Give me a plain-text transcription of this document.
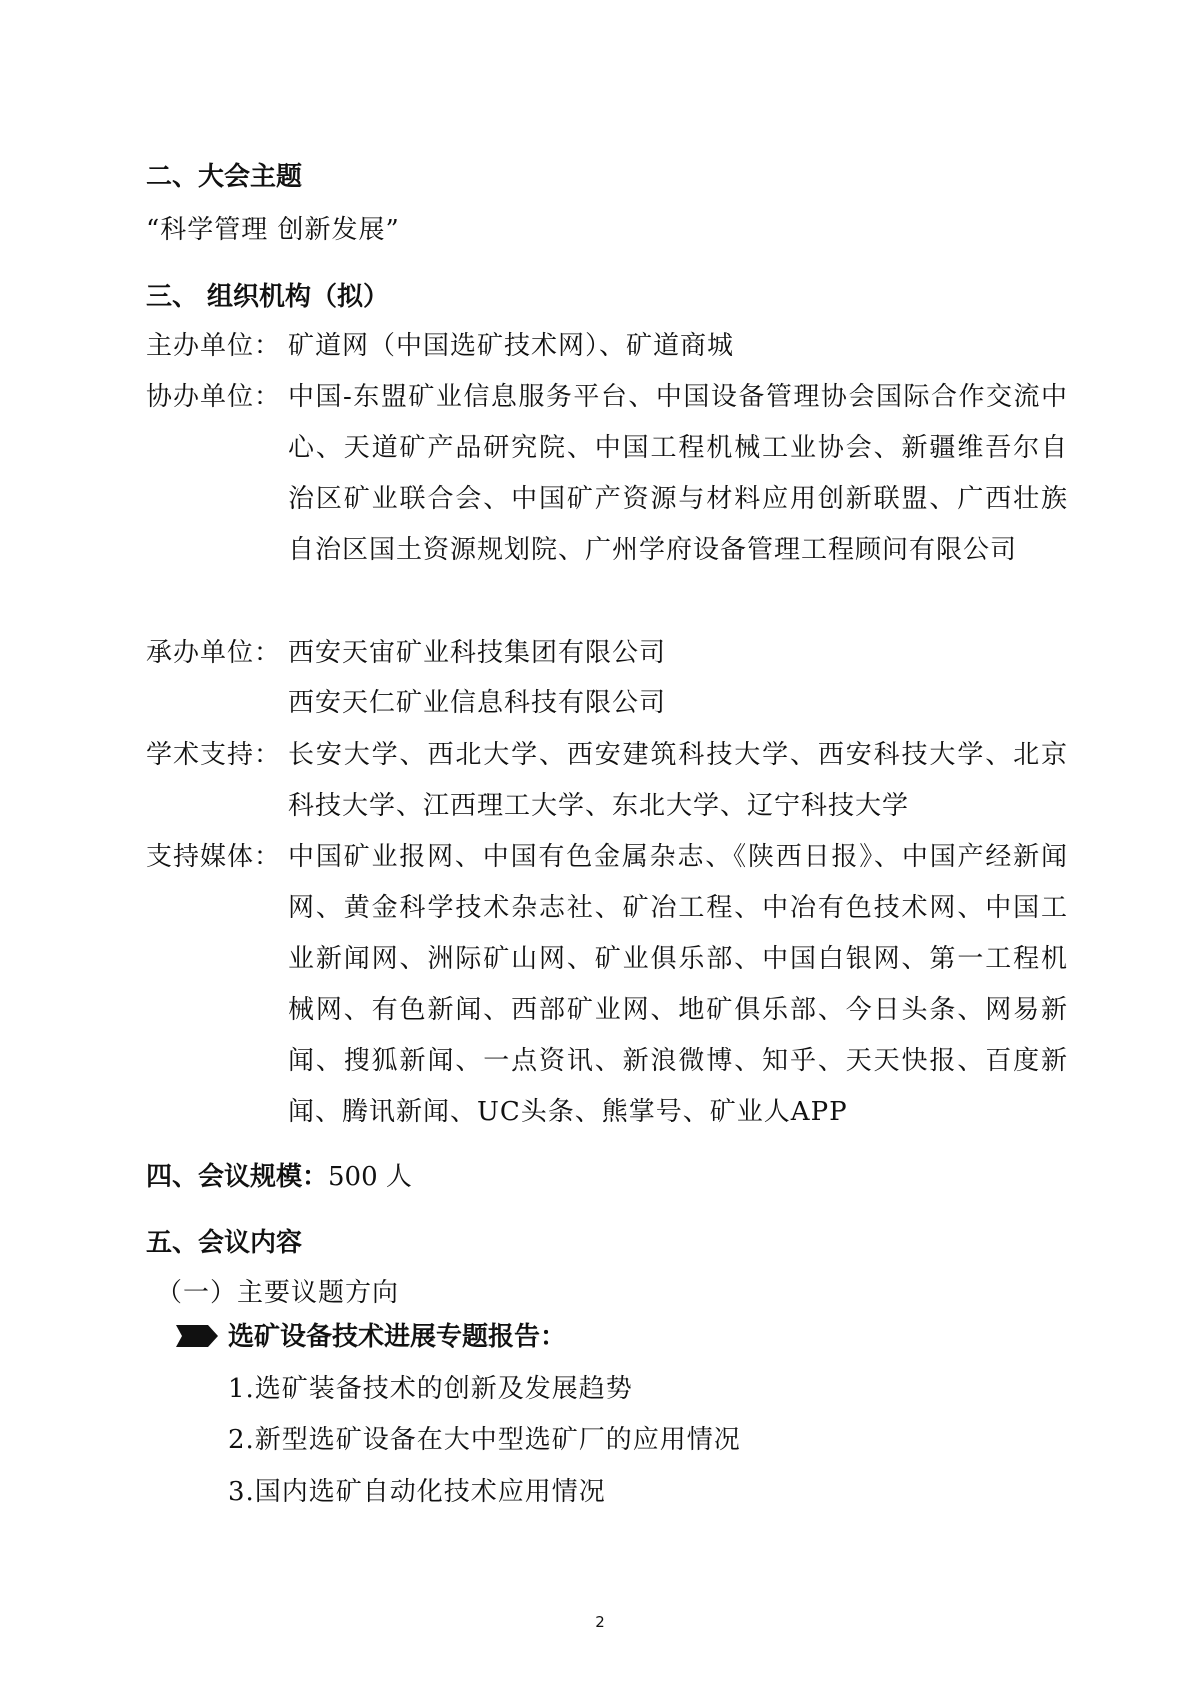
二、大会主题
“科学管理 创新发展”
三、 组织机构（拟）
主办单位： 矿道网（中国选矿技术网）、矿道商城
协办单位： 中国-东盟矿业信息服务平台、中国设备管理协会国际合作交流中心、天道矿产品研究院、中国工程机械工业协会、新疆维吾尔自治区矿业联合会、中国矿产资源与材料应用创新联盟、广西壮族自治区国土资源规划院、广州学府设备管理工程顾问有限公司
承办单位： 西安天宙矿业科技集团有限公司
西安天仁矿业信息科技有限公司
学术支持： 长安大学、西北大学、西安建筑科技大学、西安科技大学、北京科技大学、江西理工大学、东北大学、辽宁科技大学
支持媒体： 中国矿业报网、中国有色金属杂志、《陕西日报》、中国产经新闻网、黄金科学技术杂志社、矿冶工程、中冶有色技术网、中国工业新闻网、洲际矿山网、矿业俱乐部、中国白银网、第一工程机械网、有色新闻、西部矿业网、地矿俱乐部、今日头条、网易新闻、搜狐新闻、一点资讯、新浪微博、知乎、天天快报、百度新闻、腾讯新闻、UC头条、熊掌号、矿业人APP
四、会议规模：500 人
五、会议内容
（一）主要议题方向
选矿设备技术进展专题报告：
1.选矿装备技术的创新及发展趋势
2.新型选矿设备在大中型选矿厂的应用情况
3.国内选矿自动化技术应用情况
2
